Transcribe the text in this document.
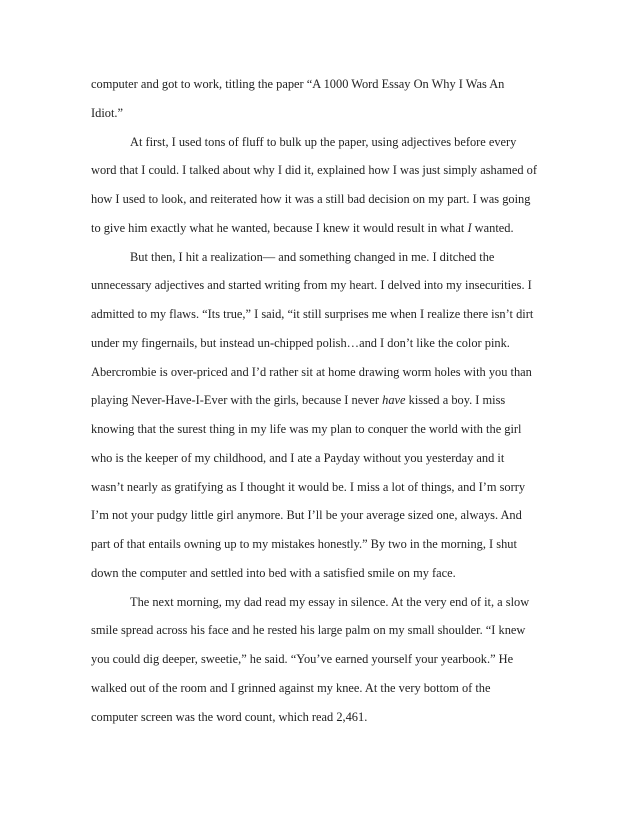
computer and got to work, titling the paper “A 1000 Word Essay On Why I Was An
Idiot.”
At first, I used tons of fluff to bulk up the paper, using adjectives before every
word that I could. I talked about why I did it, explained how I was just simply ashamed of
how I used to look, and reiterated how it was a still bad decision on my part. I was going
to give him exactly what he wanted, because I knew it would result in what I wanted.
But then, I hit a realization— and something changed in me. I ditched the
unnecessary adjectives and started writing from my heart. I delved into my insecurities. I
admitted to my flaws. “Its true,” I said, “it still surprises me when I realize there isn’t dirt
under my fingernails, but instead un-chipped polish…and I don’t like the color pink.
Abercrombie is over-priced and I’d rather sit at home drawing worm holes with you than
playing Never-Have-I-Ever with the girls, because I never have kissed a boy. I miss
knowing that the surest thing in my life was my plan to conquer the world with the girl
who is the keeper of my childhood, and I ate a Payday without you yesterday and it
wasn’t nearly as gratifying as I thought it would be. I miss a lot of things, and I’m sorry
I’m not your pudgy little girl anymore. But I’ll be your average sized one, always. And
part of that entails owning up to my mistakes honestly.” By two in the morning, I shut
down the computer and settled into bed with a satisfied smile on my face.
The next morning, my dad read my essay in silence. At the very end of it, a slow
smile spread across his face and he rested his large palm on my small shoulder. “I knew
you could dig deeper, sweetie,” he said. “You’ve earned yourself your yearbook.” He
walked out of the room and I grinned against my knee. At the very bottom of the
computer screen was the word count, which read 2,461.
